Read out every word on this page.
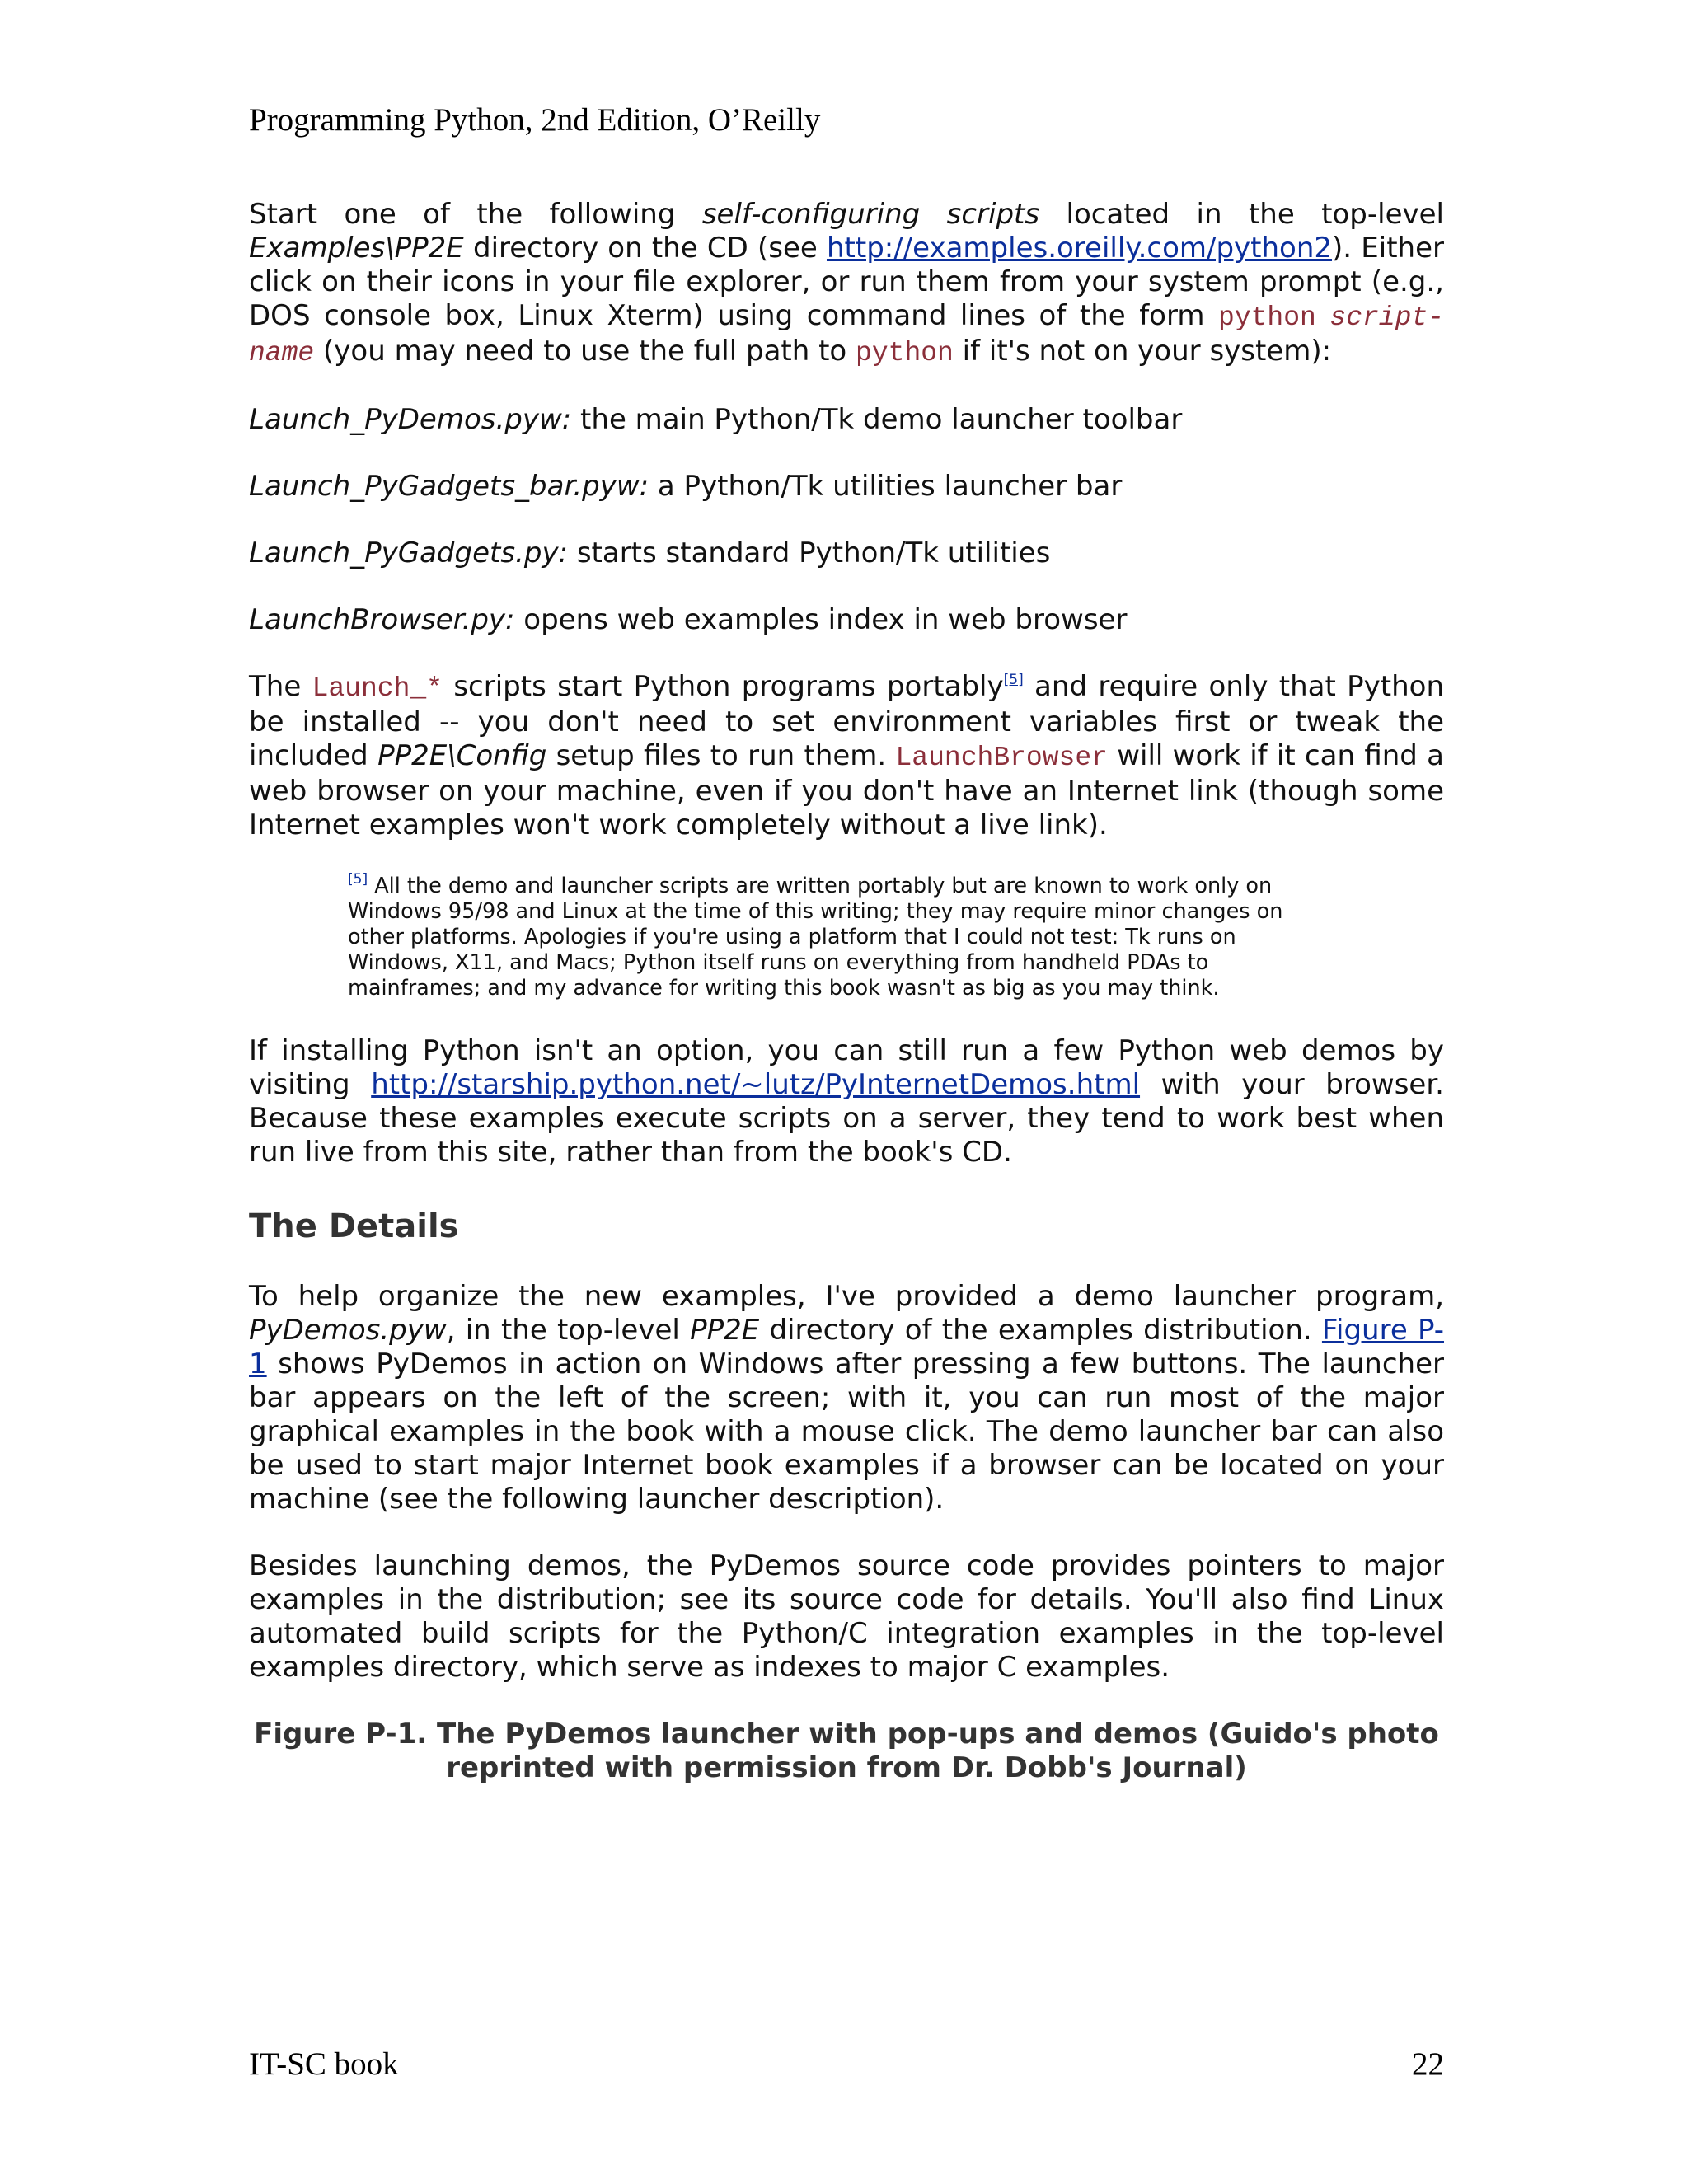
Programming Python, 2nd Edition, O’Reilly

Start one of the following self-configuring scripts located in the top-level Examples\PP2E directory on the CD (see http://examples.oreilly.com/python2). Either click on their icons in your file explorer, or run them from your system prompt (e.g., DOS console box, Linux Xterm) using command lines of the form python script-name (you may need to use the full path to python if it's not on your system):

Launch_PyDemos.pyw: the main Python/Tk demo launcher toolbar

Launch_PyGadgets_bar.pyw: a Python/Tk utilities launcher bar

Launch_PyGadgets.py: starts standard Python/Tk utilities

LaunchBrowser.py: opens web examples index in web browser

The Launch_* scripts start Python programs portably[5] and require only that Python be installed -- you don't need to set environment variables first or tweak the included PP2E\Config setup files to run them. LaunchBrowser will work if it can find a web browser on your machine, even if you don't have an Internet link (though some Internet examples won't work completely without a live link).

[5] All the demo and launcher scripts are written portably but are known to work only on Windows 95/98 and Linux at the time of this writing; they may require minor changes on other platforms. Apologies if you're using a platform that I could not test: Tk runs on Windows, X11, and Macs; Python itself runs on everything from handheld PDAs to mainframes; and my advance for writing this book wasn't as big as you may think.

If installing Python isn't an option, you can still run a few Python web demos by visiting http://starship.python.net/~lutz/PyInternetDemos.html with your browser. Because these examples execute scripts on a server, they tend to work best when run live from this site, rather than from the book's CD.

The Details

To help organize the new examples, I've provided a demo launcher program, PyDemos.pyw, in the top-level PP2E directory of the examples distribution. Figure P-1 shows PyDemos in action on Windows after pressing a few buttons. The launcher bar appears on the left of the screen; with it, you can run most of the major graphical examples in the book with a mouse click. The demo launcher bar can also be used to start major Internet book examples if a browser can be located on your machine (see the following launcher description).

Besides launching demos, the PyDemos source code provides pointers to major examples in the distribution; see its source code for details. You'll also find Linux automated build scripts for the Python/C integration examples in the top-level examples directory, which serve as indexes to major C examples.

Figure P-1. The PyDemos launcher with pop-ups and demos (Guido's photo reprinted with permission from Dr. Dobb's Journal)

IT-SC book	22
